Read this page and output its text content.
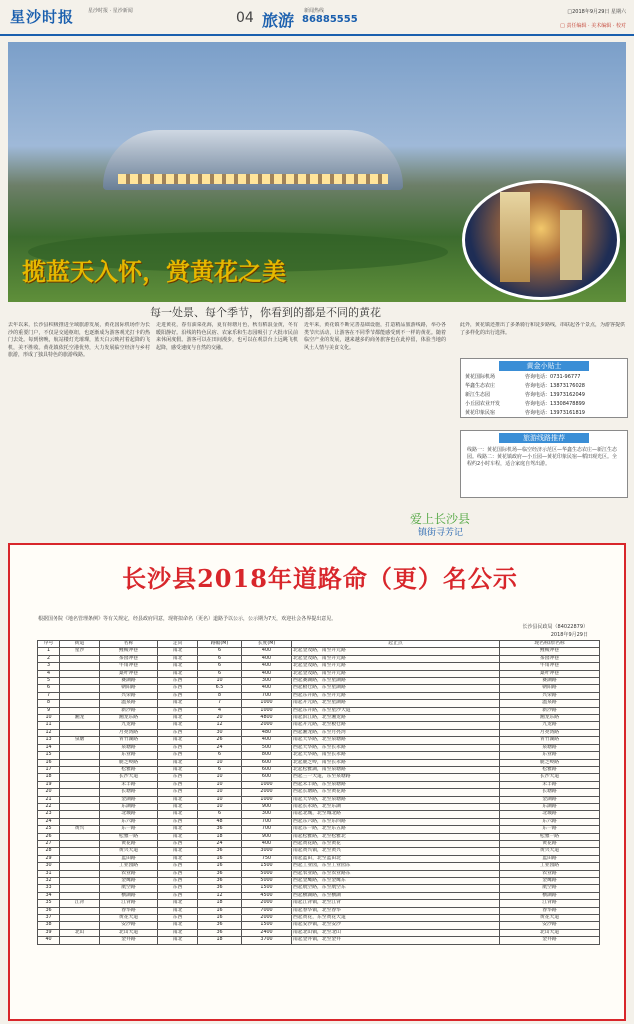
星沙时报	星沙时报 · 星沙新闻	04 旅游 新闻热线
86885555
□2018年9月29日 星期六
□ 责任编辑 · 美术编辑 · 校对
揽蓝天入怀，赏黄花之美
每一处景、每个季节，你看到的都是不同的黄花
去年以来，长沙县积极推进全域旅游发展，黄花国际机场作为长沙的重要门户，不仅是交通枢纽，也逐渐成为游客观光打卡的热门去处。每到傍晚，航站楼灯光璀璨，蓝天白云映衬着起降的飞机，美不胜收。黄花镇依托空港优势，大力发展临空经济与乡村旅游，形成了独具特色的旅游线路。
走进黄花，春有油菜花海，夏有荷塘月色，秋有稻浪金黄，冬有暖阳静好。沿线的特色民宿、农家乐和生态园吸引了大批市民前来休闲度假。游客可以在田间漫步，也可以在观景台上远眺飞机起降，感受速度与自然的交融。
近年来，黄花镇不断完善基础设施，打造精品旅游线路，举办各类节庆活动，让游客在不同季节都能感受到不一样的黄花。随着临空产业的发展，越来越多的商务旅客也在此停留，体验当地的风土人情与美食文化。
此外，黄花镇还推出了多条骑行和徒步路线，串联起各个景点，为游客提供了多样化的出行选择。
黄金小贴士
黄花国际机场	咨询电话：0731-96777
华鑫生态农庄	咨询电话：13873176028
新江生态园	咨询电话：13973162049
小丘园农业开发	咨询电话：13308478899
黄花印象民宿	咨询电话：13973161819
旅游线路推荐
线路一：黄花国际机场—临空经济示范区—华鑫生态农庄—新江生态园。线路二：黄花镇政府—小丘园—黄花印象民宿—稻田观光区。全程约2小时车程，适合家庭自驾出游。
爱上长沙县
镇街寻芳记
长沙县2018年道路命（更）名公示
根据国务院《地名管理条例》等有关规定，经县政府同意，现将拟命名（更名）道路予以公示，公示期为7天，欢迎社会各界提出意见。
长沙县民政局（84022879）
2018年9月29日
序号	街道	名称	走向	路幅(M)	长度(M)	起止点	现名称/原名称
1	星沙	鲤鲮冲巷	南北	6	400	北起金茂路，南至开元路	鲤鲮冲巷
2		茶园冲巷	南北	6	400	北起金茂路，南至开元路	茶园冲巷
3		牛角冲巷	南北	6	400	北起金茂路，南至开元路	牛角冲巷
4		桑叶冲巷	南北	6	400	北起金茂路，南至开元路	桑叶冲巷
5		赛湖路	东西	10	300	西起赛湖路，东至星湖路	赛湖路
6		朝阳路	东西	6.5	400	西起板仓路，东至星湖路	朝阳路
7		兴荣路	东西	8	700	西起东升路，东至开元路	兴荣路
8		温泉路	南北	7	1000	南起开元路，北至星湖路	温泉路
9		新沙路	东西	4	1000	西起东升路，东至星沙大道	新沙路
10	湘龙	湘龙东路	南北	20	4800	南起滨江路，北至湘龙路	湘龙东路
11		九龙路	南北	12	2000	南起开元路，北至板仓路	九龙路
12		月亮湾路	东西	30	480	西起湘龙路，东至月亮湾	月亮湾路
13	泉塘	青竹湖路	南北	26	400	南起天华路，北至泉塘路	青竹湖路
14		泉塘路	东西	24	500	西起天华路，东至长永路	泉塘路
15		东业路	东西	6	800	北起天华路，南至长永路	东业路
16		鹿芝岭路	南北	10	600	北起鹿芝岭，南至长永路	鹿芝岭路
17		松雅路	南北	6	600	北起松雅湖，南至泉塘路	松雅路
18		长沙大道	东西	10	600	西起三一大道，东至泉塘路	长沙大道
19		禾丰路	东西	10	1000	西起禾丰路，东至泉塘路	禾丰路
20		长塘路	东西	10	2000	西起长塘路，东至黄花路	长塘路
21		金湖路	南北	10	1000	南起天华路，北至泉塘路	金湖路
22		东湖路	南北	10	900	南起长永路，北至东湖	东湖路
23		北城路	南北	6	300	南起北城，北至城北路	北城路
24		东六路	东西	48	700	西起东六路，东至东四路	东六路
25	黄兴	东一路	南北	36	700	南起东一路，北至东五路	东一路
26		松雅一路	南北	18	900	南起松雅路，北至松雅北	松雅一路
27		黄花路	东西	24	400	西起黄花路，东至黄花	黄花路
28		黄兴大道	南北	36	3000	南起黄兴镇，北至黄兴	黄兴大道
29		蓝田路	南北	16	750	南起蓝田，北至蓝田北	蓝田路
30		工业园路	东西	16	1500	西起工业园，东至工业园东	工业园路
31		农业路	东西	36	5000	西起农业路，东至农业路东	农业路
32		金鹰路	东西	36	5000	西起金鹰路，东至金鹰东	金鹰路
33		航空路	东西	36	1500	西起航空路，东至航空东	航空路
34		横湖路	东西	12	4500	西起横湖路，东至横湖	横湖路
35	江背	江背路	南北	18	2000	南起江背镇，北至江背	江背路
36		春华路	南北	16	7000	南起春华镇，北至春华	春华路
37		黄花大道	东西	16	2000	西起黄花，东至黄花大道	黄花大道
38		安沙路	南北	36	1500	南起安沙镇，北至安沙	安沙路
39	北山	北山大道	南北	36	2400	南起北山镇，北至北山	北山大道
40		金井路	南北	18	3700	南起金井镇，北至金井	金井路
